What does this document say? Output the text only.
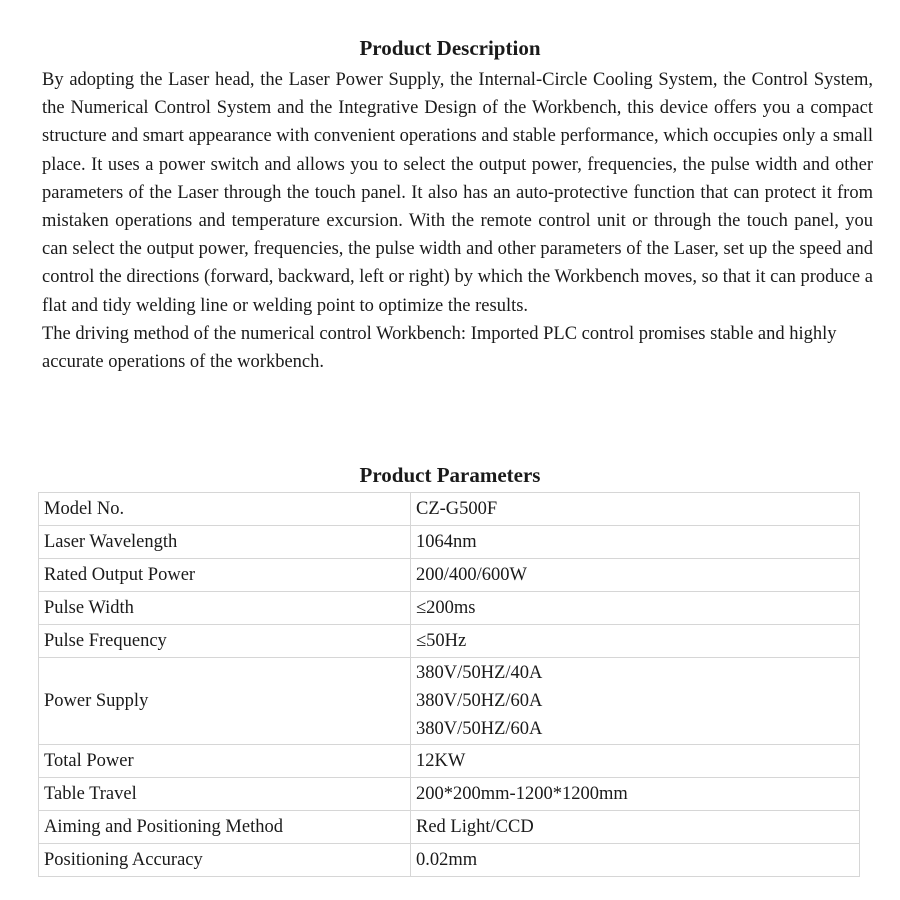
Product Description

By adopting the Laser head, the Laser Power Supply, the Internal-Circle Cooling System, the Control System, the Numerical Control System and the Integrative Design of the Workbench, this device offers you a compact structure and smart appearance with convenient operations and stable performance, which occupies only a small place. It uses a power switch and allows you to select the output power, frequencies, the pulse width and other parameters of the Laser through the touch panel. It also has an auto-protective function that can protect it from mistaken operations and temperature excursion. With the remote control unit or through the touch panel, you can select the output power, frequencies, the pulse width and other parameters of the Laser, set up the speed and control the directions (forward, backward, left or right) by which the Workbench moves, so that it can produce a flat and tidy welding line or welding point to optimize the results.

The driving method of the numerical control Workbench: Imported PLC control promises stable and highly accurate operations of the workbench.

Product Parameters
Model No.	CZ-G500F
Laser Wavelength	1064nm
Rated Output Power	200/400/600W
Pulse Width	≤200ms
Pulse Frequency	≤50Hz
Power Supply	380V/50HZ/40A
380V/50HZ/60A
380V/50HZ/60A

Total Power	12KW
Table Travel	200*200mm-1200*1200mm
Aiming and Positioning Method	Red Light/CCD
Positioning Accuracy	0.02mm
